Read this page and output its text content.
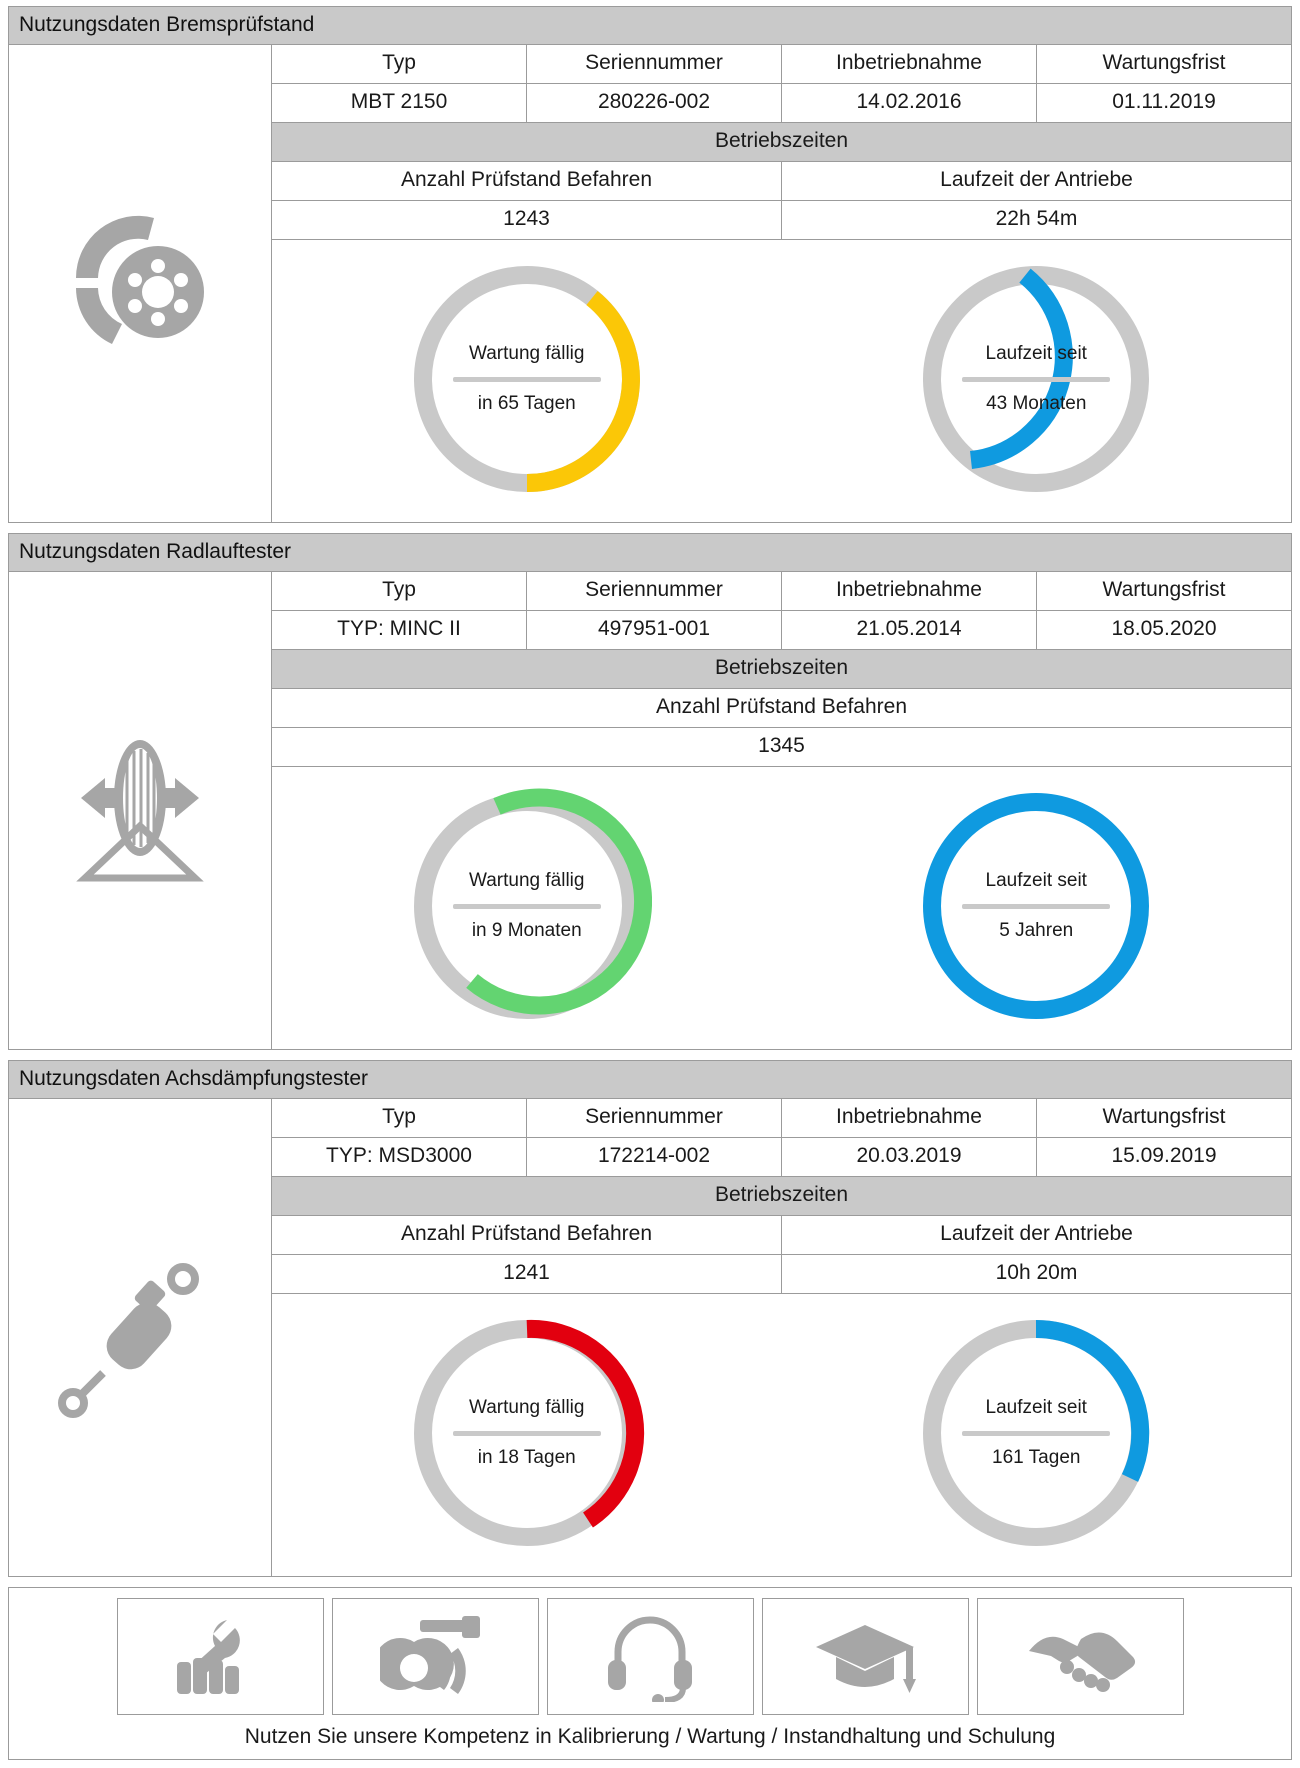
Nutzungsdaten Bremsprüfstand
Typ	Seriennummer	Inbetriebnahme	Wartungsfrist
MBT 2150	280226-002	14.02.2016	01.11.2019
Betriebszeiten
Anzahl Prüfstand Befahren	Laufzeit der Antriebe
1243	22h 54m
Wartung fällig
in 65 Tagen
Laufzeit seit
43 Monaten
Nutzungsdaten Radlauftester
Typ	Seriennummer	Inbetriebnahme	Wartungsfrist
TYP: MINC II	497951-001	21.05.2014	18.05.2020
Betriebszeiten
Anzahl Prüfstand Befahren
1345
Wartung fällig
in 9 Monaten
Laufzeit seit
5 Jahren
Nutzungsdaten Achsdämpfungstester
Typ	Seriennummer	Inbetriebnahme	Wartungsfrist
TYP: MSD3000	172214-002	20.03.2019	15.09.2019
Betriebszeiten
Anzahl Prüfstand Befahren	Laufzeit der Antriebe
1241	10h 20m
Wartung fällig
in 18 Tagen
Laufzeit seit
161 Tagen
Nutzen Sie unsere Kompetenz in Kalibrierung / Wartung / Instandhaltung und Schulung
